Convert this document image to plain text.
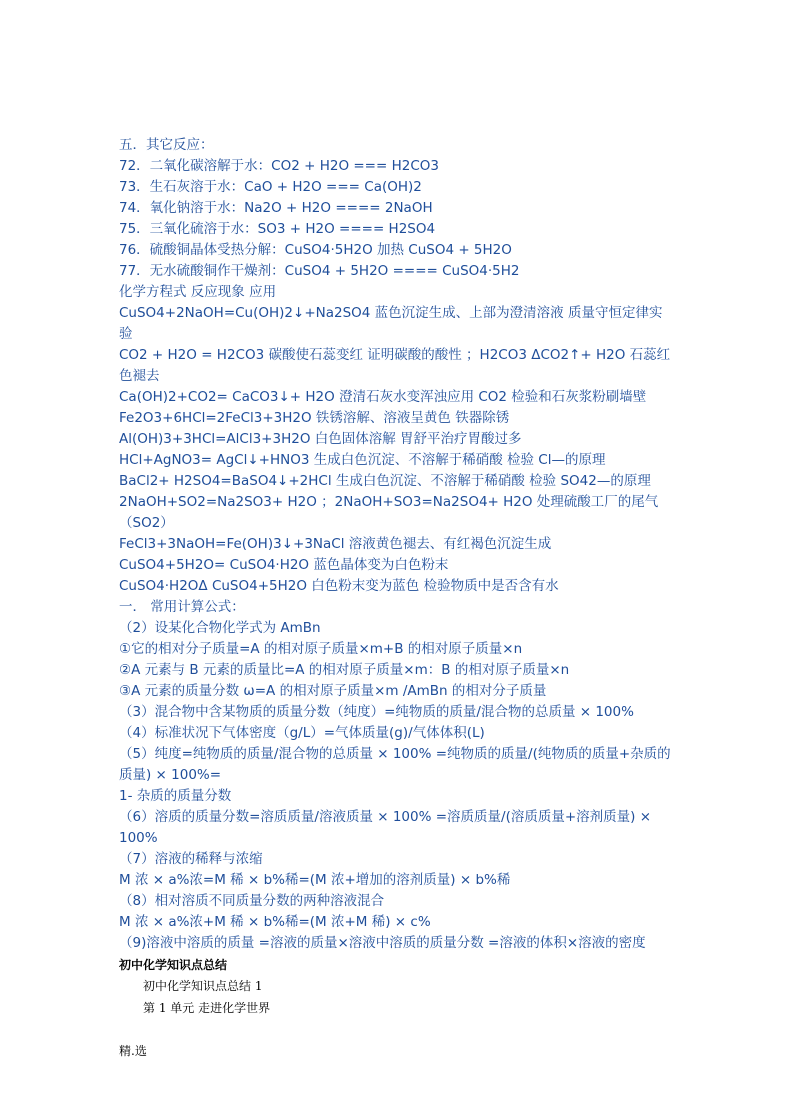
五．其它反应：
72．二氧化碳溶解于水：CO2 + H2O === H2CO3
73．生石灰溶于水：CaO + H2O === Ca(OH)2
74．氧化钠溶于水：Na2O + H2O ==== 2NaOH
75．三氧化硫溶于水：SO3 + H2O ==== H2SO4
76．硫酸铜晶体受热分解：CuSO4·5H2O 加热 CuSO4 + 5H2O
77．无水硫酸铜作干燥剂：CuSO4 + 5H2O ==== CuSO4·5H2
化学方程式 反应现象 应用
CuSO4+2NaOH=Cu(OH)2↓+Na2SO4 蓝色沉淀生成、上部为澄清溶液 质量守恒定律实验
CO2 + H2O = H2CO3 碳酸使石蕊变红 证明碳酸的酸性 ；H2CO3 ΔCO2↑+ H2O 石蕊红色褪去
Ca(OH)2+CO2= CaCO3↓+ H2O 澄清石灰水变浑浊应用 CO2 检验和石灰浆粉刷墙壁
Fe2O3+6HCl=2FeCl3+3H2O 铁锈溶解、溶液呈黄色 铁器除锈
Al(OH)3+3HCl=AlCl3+3H2O 白色固体溶解 胃舒平治疗胃酸过多
HCl+AgNO3= AgCl↓+HNO3 生成白色沉淀、不溶解于稀硝酸 检验 Cl—的原理
BaCl2+ H2SO4=BaSO4↓+2HCl 生成白色沉淀、不溶解于稀硝酸 检验 SO42—的原理
2NaOH+SO2=Na2SO3+ H2O ；2NaOH+SO3=Na2SO4+ H2O 处理硫酸工厂的尾气（SO2）
FeCl3+3NaOH=Fe(OH)3↓+3NaCl 溶液黄色褪去、有红褐色沉淀生成
CuSO4+5H2O= CuSO4·H2O 蓝色晶体变为白色粉末
CuSO4·H2OΔ CuSO4+5H2O 白色粉末变为蓝色 检验物质中是否含有水
一． 常用计算公式：
（2）设某化合物化学式为 AmBn
①它的相对分子质量=A 的相对原子质量×m+B 的相对原子质量×n
②A 元素与 B 元素的质量比=A 的相对原子质量×m：B 的相对原子质量×n
③A 元素的质量分数 ω=A 的相对原子质量×m /AmBn 的相对分子质量
（3）混合物中含某物质的质量分数（纯度）=纯物质的质量/混合物的总质量 × 100%
（4）标准状况下气体密度（g/L）=气体质量(g)/气体体积(L)
（5）纯度=纯物质的质量/混合物的总质量 × 100% =纯物质的质量/(纯物质的质量+杂质的质量) × 100%=
1- 杂质的质量分数
（6）溶质的质量分数=溶质质量/溶液质量 × 100% =溶质质量/(溶质质量+溶剂质量) × 100%
（7）溶液的稀释与浓缩
M 浓 × a%浓=M 稀 × b%稀=(M 浓+增加的溶剂质量) × b%稀
（8）相对溶质不同质量分数的两种溶液混合
M 浓 × a%浓+M 稀 × b%稀=(M 浓+M 稀) × c%
（9)溶液中溶质的质量 =溶液的质量×溶液中溶质的质量分数 =溶液的体积×溶液的密度
初中化学知识点总结
初中化学知识点总结 1
第 1 单元 走进化学世界
精.选
